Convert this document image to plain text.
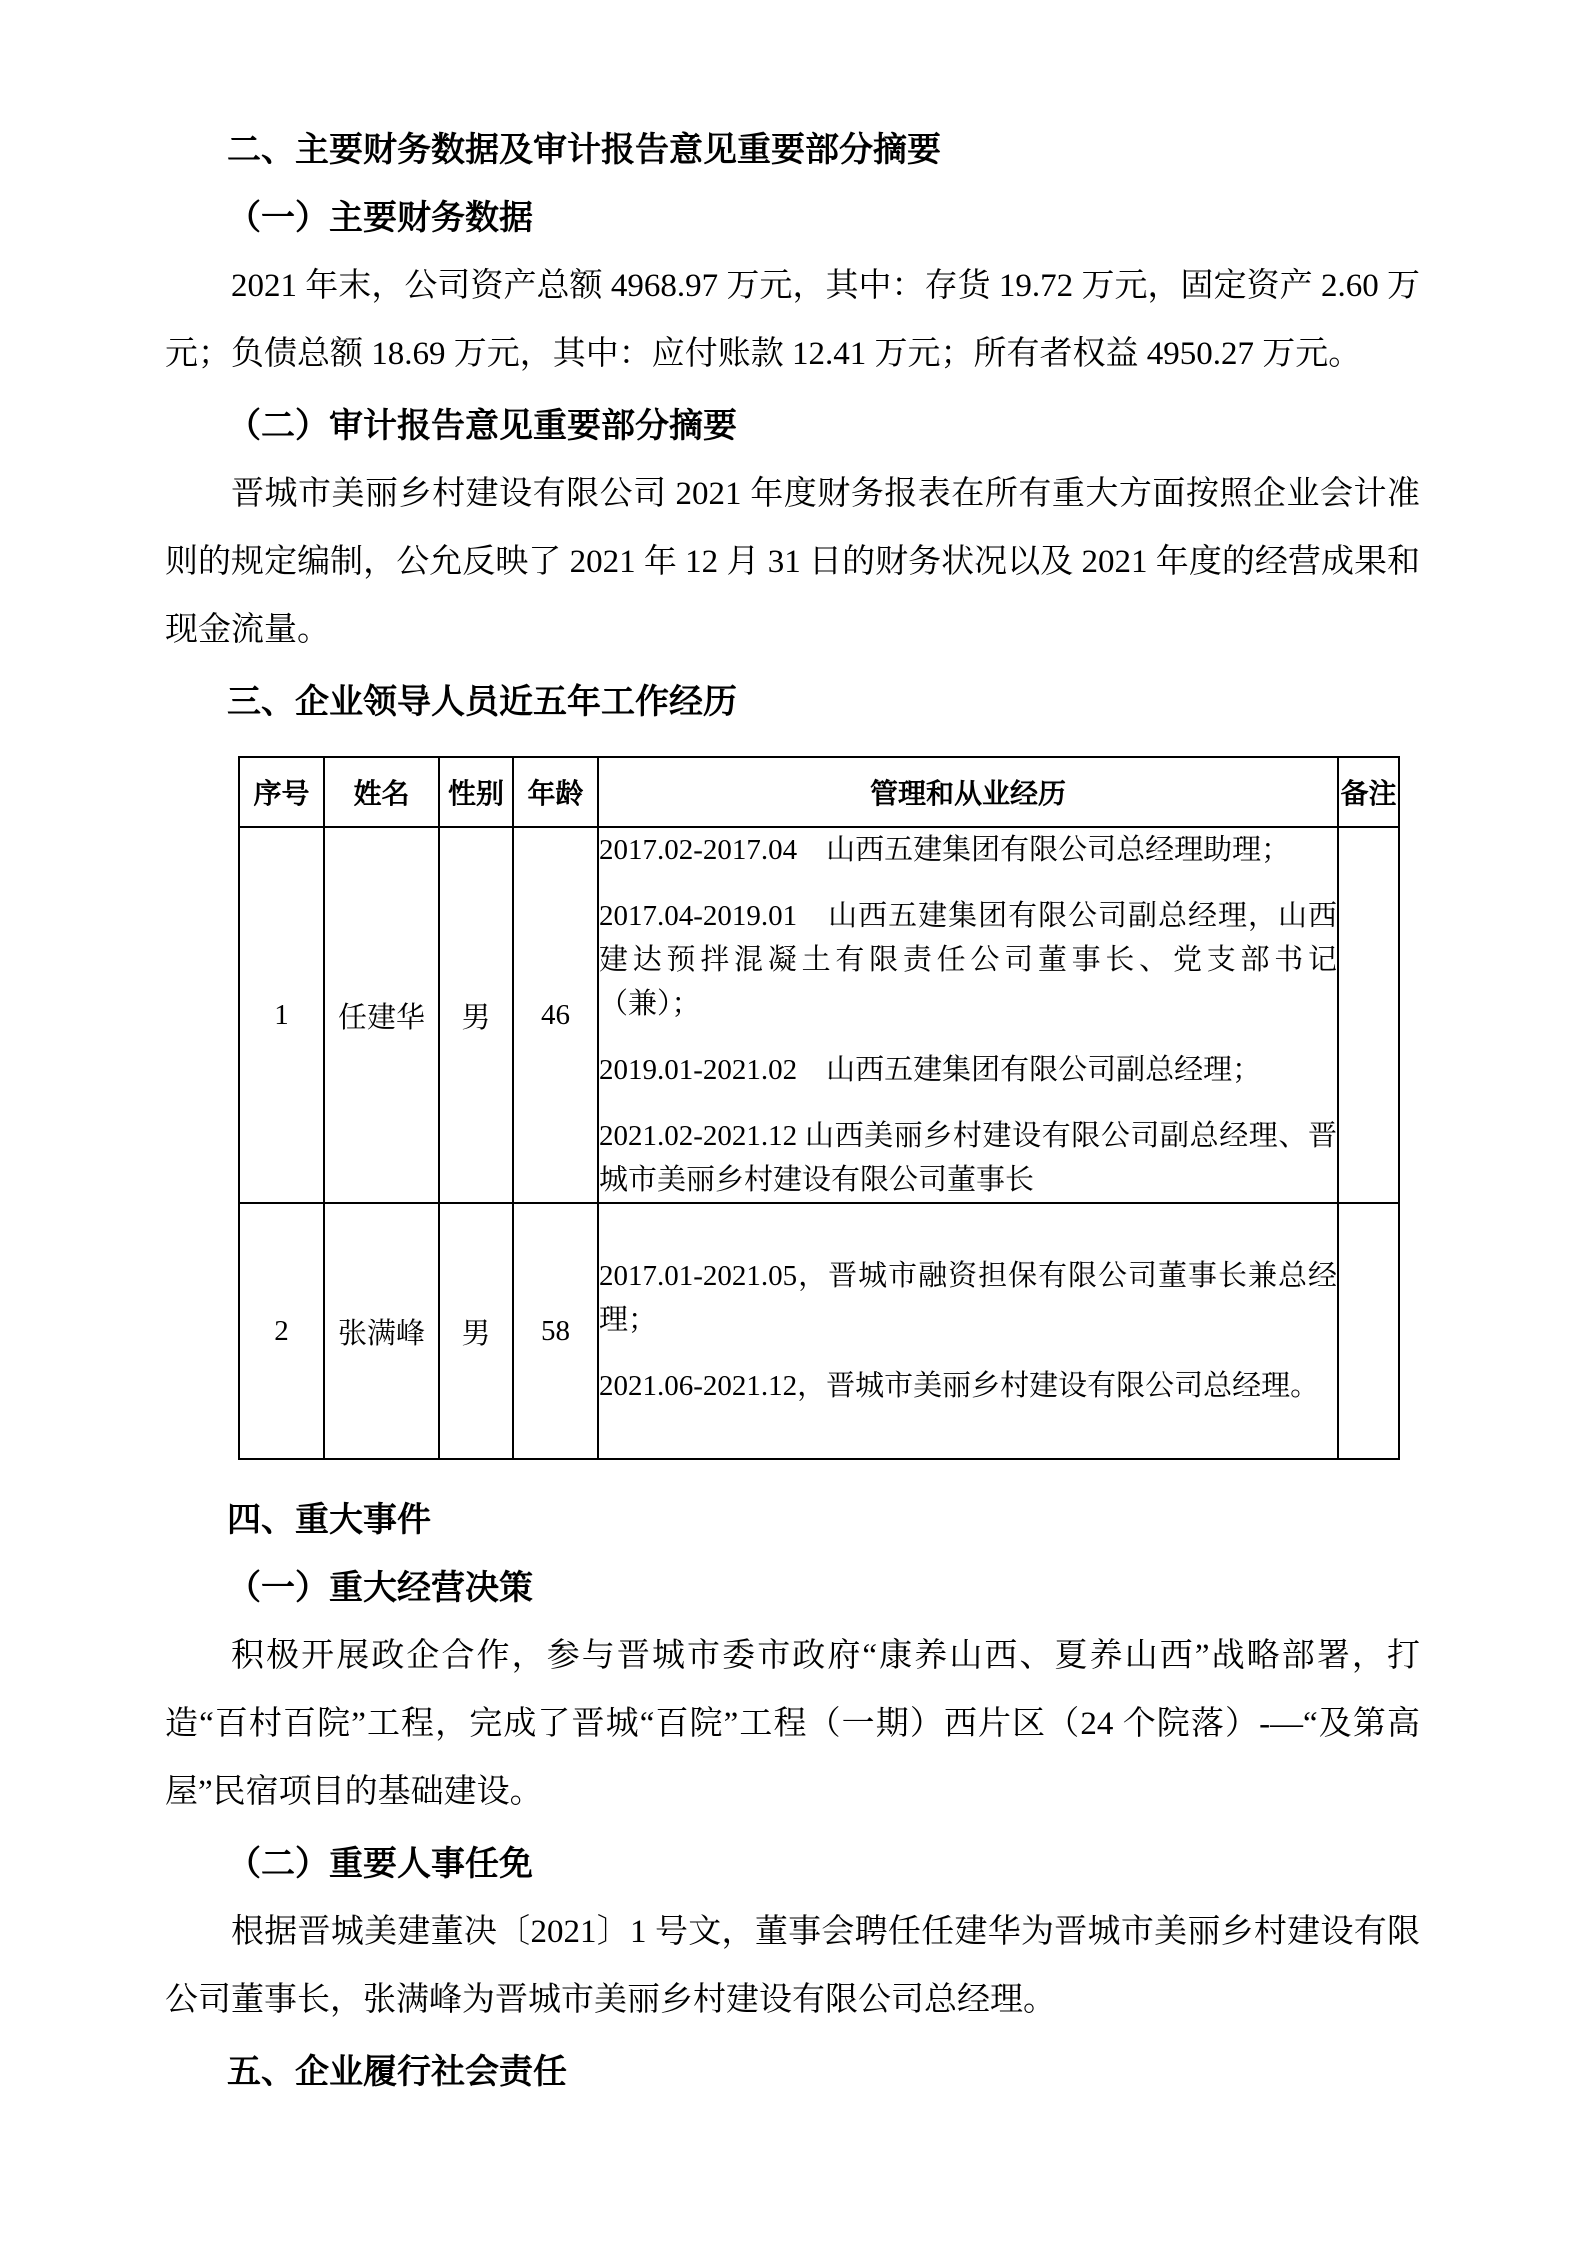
二、主要财务数据及审计报告意见重要部分摘要
（一）主要财务数据

2021 年末，公司资产总额 4968.97 万元，其中：存货 19.72 万元，固定资产 2.60 万元；负债总额 18.69 万元，其中：应付账款 12.41 万元；所有者权益 4950.27 万元。

（二）审计报告意见重要部分摘要

晋城市美丽乡村建设有限公司 2021 年度财务报表在所有重大方面按照企业会计准则的规定编制，公允反映了 2021 年 12 月 31 日的财务状况以及 2021 年度的经营成果和现金流量。

三、企业领导人员近五年工作经历
序号	姓名	性别	年龄	管理和从业经历	备注
1	任建华	男	46	2017.02-2017.04　山西五建集团有限公司总经理助理；

2017.04-2019.01　山西五建集团有限公司副总经理，山西建达预拌混凝土有限责任公司董事长、党支部书记（兼）；

2019.01-2021.02　山西五建集团有限公司副总经理；

2021.02-2021.12 山西美丽乡村建设有限公司副总经理、晋城市美丽乡村建设有限公司董事长	

2	张满峰	男	58	2017.01-2021.05，晋城市融资担保有限公司董事长兼总经理；

2021.06-2021.12，晋城市美丽乡村建设有限公司总经理。	

四、重大事件
（一）重大经营决策

积极开展政企合作，参与晋城市委市政府“康养山西、夏养山西”战略部署，打造“百村百院”工程，完成了晋城“百院”工程（一期）西片区（24 个院落）-—“及第高屋”民宿项目的基础建设。

（二）重要人事任免

根据晋城美建董决〔2021〕1 号文，董事会聘任任建华为晋城市美丽乡村建设有限公司董事长，张满峰为晋城市美丽乡村建设有限公司总经理。

五、企业履行社会责任
